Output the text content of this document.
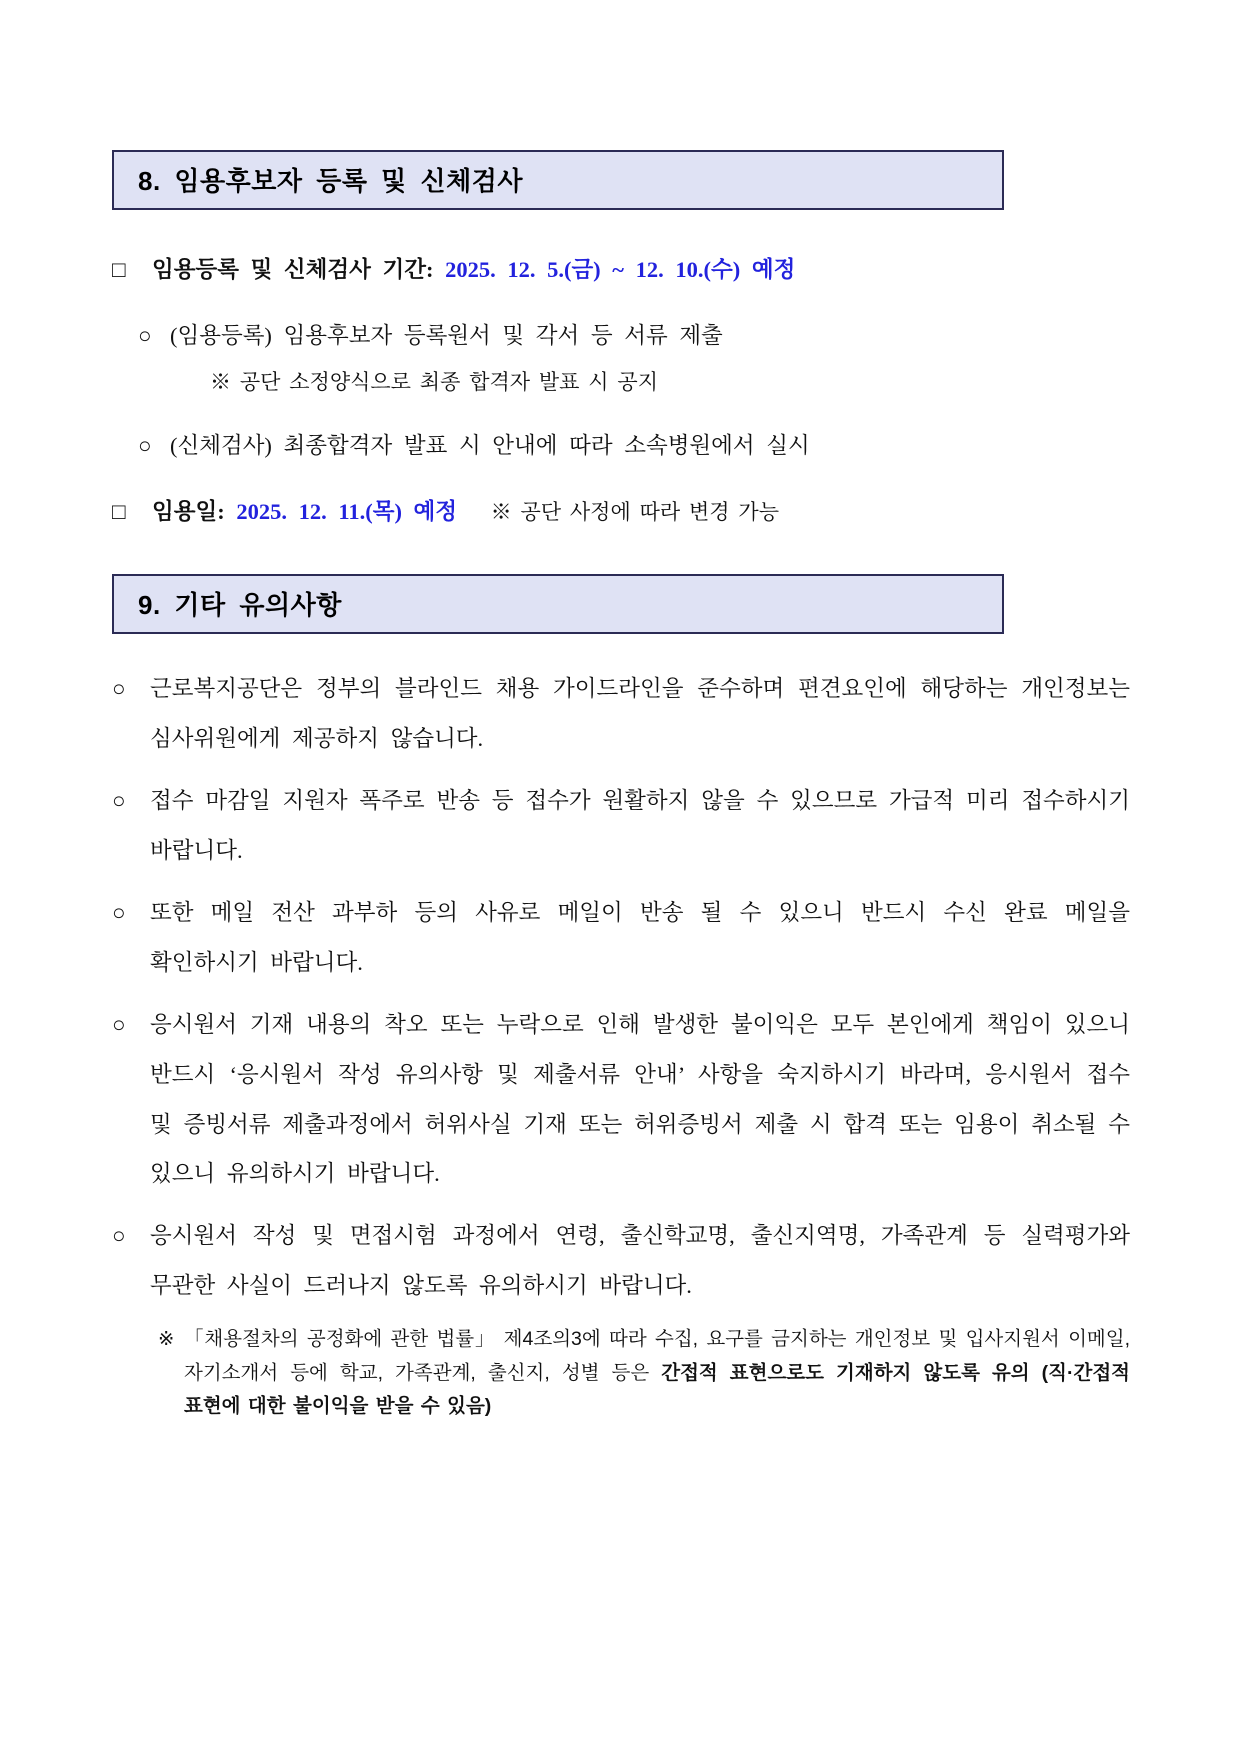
8. 임용후보자 등록 및 신체검사
□	임용등록 및 신체검사 기간: 2025. 12. 5.(금) ~ 12. 10.(수) 예정
○ (임용등록) 임용후보자 등록원서 및 각서 등 서류 제출
※ 공단 소정양식으로 최종 합격자 발표 시 공지
○ (신체검사) 최종합격자 발표 시 안내에 따라 소속병원에서 실시
□	임용일: 2025. 12. 11.(목) 예정 ※ 공단 사정에 따라 변경 가능
9. 기타 유의사항
○	근로복지공단은 정부의 블라인드 채용 가이드라인을 준수하며 편견요인에 해당하는 개인정보는 심사위원에게 제공하지 않습니다.
○	접수 마감일 지원자 폭주로 반송 등 접수가 원활하지 않을 수 있으므로 가급적 미리 접수하시기 바랍니다.
○	또한 메일 전산 과부하 등의 사유로 메일이 반송 될 수 있으니 반드시 수신 완료 메일을 확인하시기 바랍니다.
○	응시원서 기재 내용의 착오 또는 누락으로 인해 발생한 불이익은 모두 본인에게 책임이 있으니 반드시 ‘응시원서 작성 유의사항 및 제출서류 안내’ 사항을 숙지하시기 바라며, 응시원서 접수 및 증빙서류 제출과정에서 허위사실 기재 또는 허위증빙서 제출 시 합격 또는 임용이 취소될 수 있으니 유의하시기 바랍니다.
○	응시원서 작성 및 면접시험 과정에서 연령, 출신학교명, 출신지역명, 가족관계 등 실력평가와 무관한 사실이 드러나지 않도록 유의하시기 바랍니다.
※ 「채용절차의 공정화에 관한 법률」 제4조의3에 따라 수집, 요구를 금지하는 개인정보 및 입사지원서 이메일, 자기소개서 등에 학교, 가족관계, 출신지, 성별 등은 간접적 표현으로도 기재하지 않도록 유의 (직·간접적 표현에 대한 불이익을 받을 수 있음)
